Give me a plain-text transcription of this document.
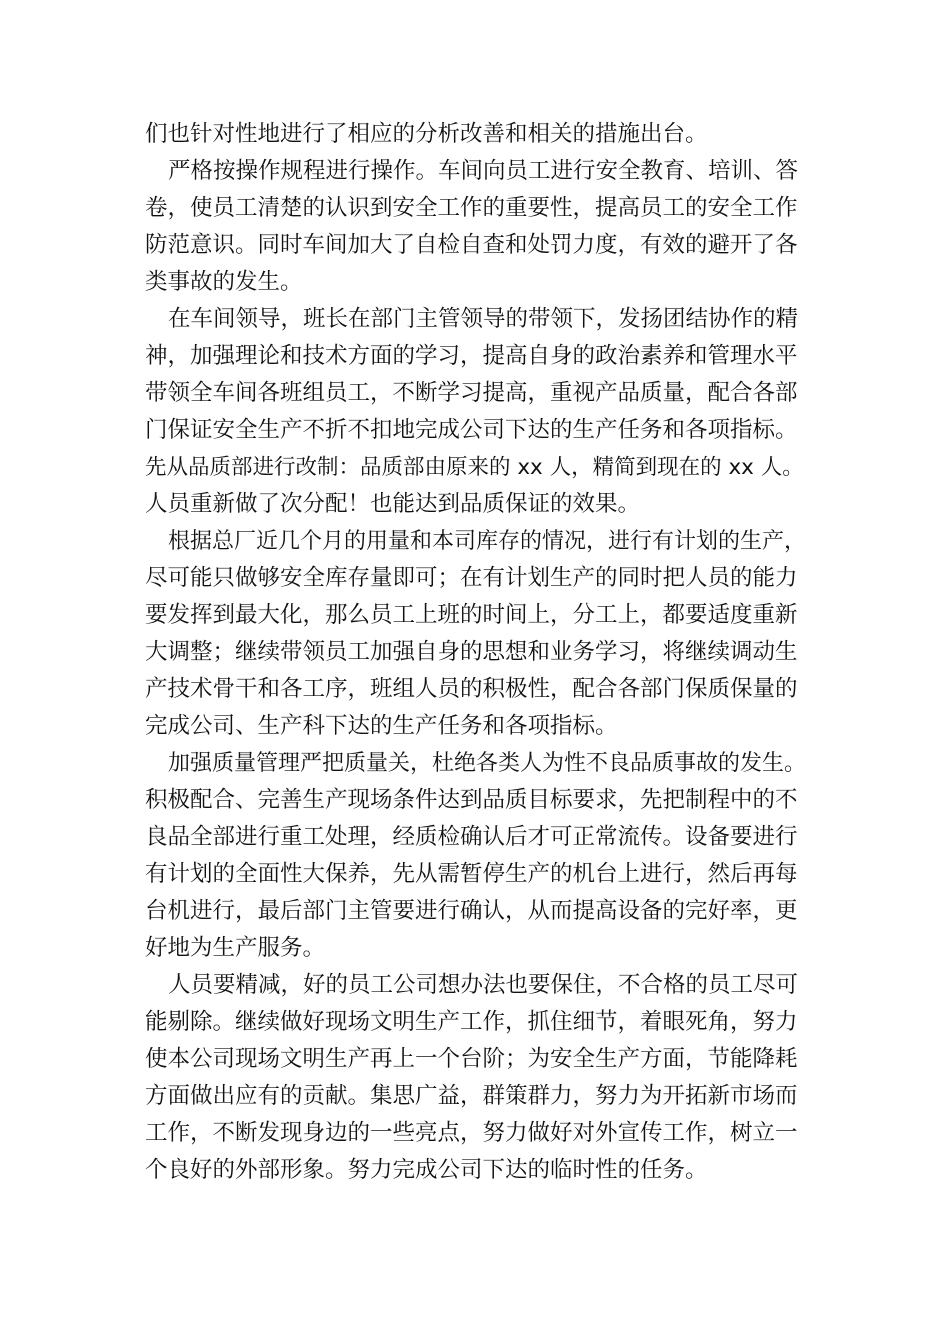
们也针对性地进行了相应的分析改善和相关的措施出台。
严格按操作规程进行操作。车间向员工进行安全教育、培训、答
卷，使员工清楚的认识到安全工作的重要性，提高员工的安全工作
防范意识。同时车间加大了自检自查和处罚力度，有效的避开了各
类事故的发生。
在车间领导，班长在部门主管领导的带领下，发扬团结协作的精
神，加强理论和技术方面的学习，提高自身的政治素养和管理水平
带领全车间各班组员工，不断学习提高，重视产品质量，配合各部
门保证安全生产不折不扣地完成公司下达的生产任务和各项指标。
先从品质部进行改制：品质部由原来的 xx 人，精简到现在的 xx 人。
人员重新做了次分配！也能达到品质保证的效果。
根据总厂近几个月的用量和本司库存的情况，进行有计划的生产，
尽可能只做够安全库存量即可；在有计划生产的同时把人员的能力
要发挥到最大化，那么员工上班的时间上，分工上，都要适度重新
大调整；继续带领员工加强自身的思想和业务学习，将继续调动生
产技术骨干和各工序，班组人员的积极性，配合各部门保质保量的
完成公司、生产科下达的生产任务和各项指标。
加强质量管理严把质量关，杜绝各类人为性不良品质事故的发生。
积极配合、完善生产现场条件达到品质目标要求，先把制程中的不
良品全部进行重工处理，经质检确认后才可正常流传。设备要进行
有计划的全面性大保养，先从需暂停生产的机台上进行，然后再每
台机进行，最后部门主管要进行确认，从而提高设备的完好率，更
好地为生产服务。
人员要精减，好的员工公司想办法也要保住，不合格的员工尽可
能剔除。继续做好现场文明生产工作，抓住细节，着眼死角，努力
使本公司现场文明生产再上一个台阶；为安全生产方面，节能降耗
方面做出应有的贡献。集思广益，群策群力，努力为开拓新市场而
工作，不断发现身边的一些亮点，努力做好对外宣传工作，树立一
个良好的外部形象。努力完成公司下达的临时性的任务。
